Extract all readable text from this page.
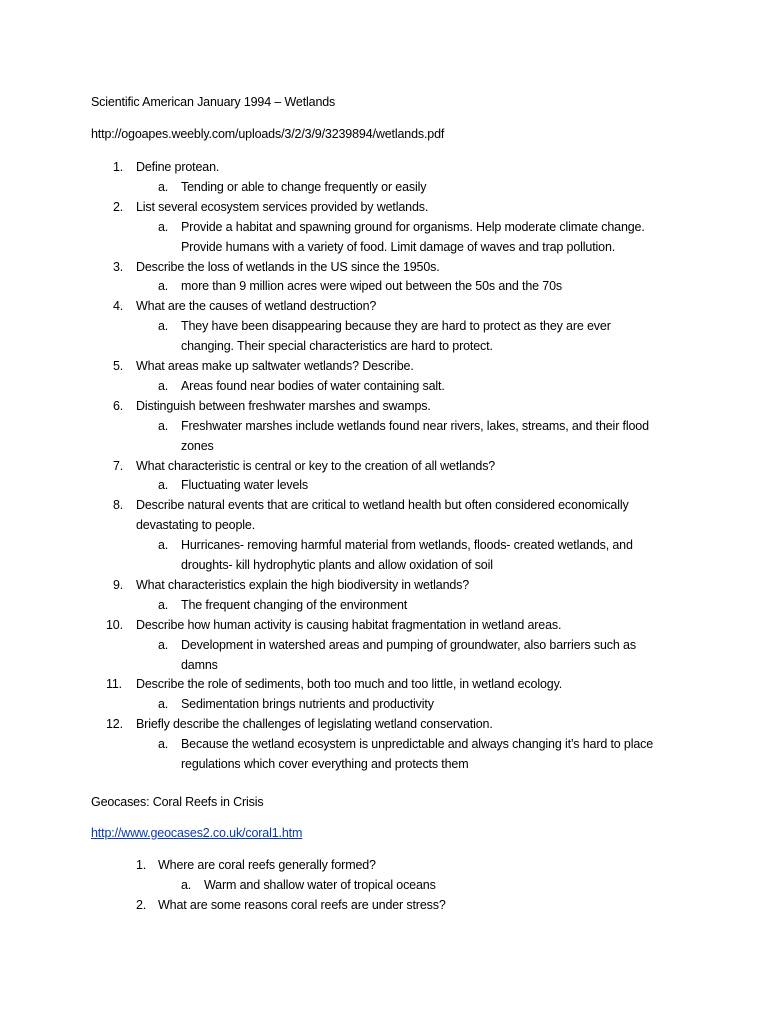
Scientific American January 1994 – Wetlands
http://ogoapes.weebly.com/uploads/3/2/3/9/3239894/wetlands.pdf
1. Define protean.
a. Tending or able to change frequently or easily
2. List several ecosystem services provided by wetlands.
a. Provide a habitat and spawning ground for organisms. Help moderate climate change.
Provide humans with a variety of food. Limit damage of waves and trap pollution.
3. Describe the loss of wetlands in the US since the 1950s.
a. more than 9 million acres were wiped out between the 50s and the 70s
4. What are the causes of wetland destruction?
a. They have been disappearing because they are hard to protect as they are ever
changing. Their special characteristics are hard to protect.
5. What areas make up saltwater wetlands? Describe.
a. Areas found near bodies of water containing salt.
6. Distinguish between freshwater marshes and swamps.
a. Freshwater marshes include wetlands found near rivers, lakes, streams, and their flood
zones
7. What characteristic is central or key to the creation of all wetlands?
a. Fluctuating water levels
8. Describe natural events that are critical to wetland health but often considered economically
devastating to people.
a. Hurricanes- removing harmful material from wetlands, floods- created wetlands, and
droughts- kill hydrophytic plants and allow oxidation of soil
9. What characteristics explain the high biodiversity in wetlands?
a. The frequent changing of the environment
10. Describe how human activity is causing habitat fragmentation in wetland areas.
a. Development in watershed areas and pumping of groundwater, also barriers such as
damns
11. Describe the role of sediments, both too much and too little, in wetland ecology.
a. Sedimentation brings nutrients and productivity
12. Briefly describe the challenges of legislating wetland conservation.
a. Because the wetland ecosystem is unpredictable and always changing it’s hard to place
regulations which cover everything and protects them
Geocases: Coral Reefs in Crisis
http://www.geocases2.co.uk/coral1.htm
1. Where are coral reefs generally formed?
a. Warm and shallow water of tropical oceans
2. What are some reasons coral reefs are under stress?
